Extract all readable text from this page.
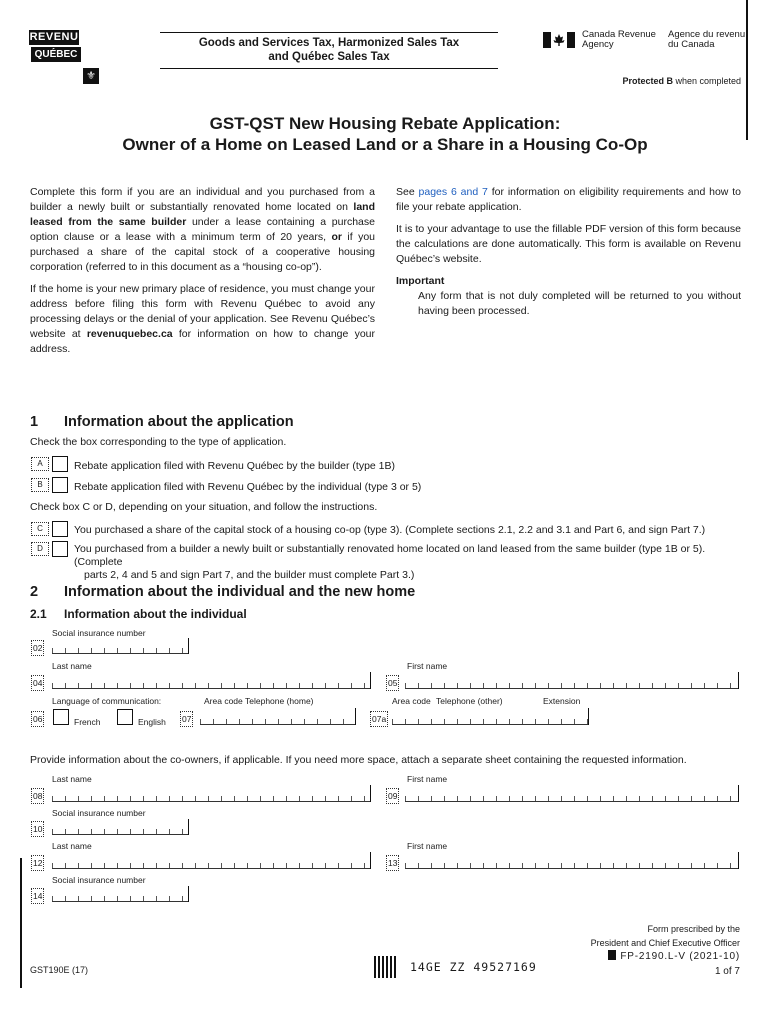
REVENU
QUÉBEC
⚜
Goods and Services Tax, Harmonized Sales Tax
and Québec Sales Tax
Canada Revenue
Agency
Agence du revenu
du Canada
Protected B when completed
GST-QST New Housing Rebate Application:
Owner of a Home on Leased Land or a Share in a Housing Co-Op

Complete this form if you are an individual and you purchased from a builder a newly built or substantially renovated home located on land leased from the same builder under a lease containing a purchase option clause or a lease with a minimum term of 20 years, or if you purchased a share of the capital stock of a cooperative housing corporation (referred to in this document as a “housing co-op”).

If the home is your new primary place of residence, you must change your address before filing this form with Revenu Québec to avoid any processing delays or the denial of your application. See Revenu Québec’s website at revenuquebec.ca for information on how to change your address.

See pages 6 and 7 for information on eligibility requirements and how to file your rebate application.

It is to your advantage to use the fillable PDF version of this form because the calculations are done automatically. This form is available on Revenu Québec’s website.

Important
Any form that is not duly completed will be returned to you without having been processed.
1 Information about the application
Check the box corresponding to the type of application.
A	Rebate application filed with Revenu Québec by the builder (type 1B)
B	Rebate application filed with Revenu Québec by the individual (type 3 or 5)
Check box C or D, depending on your situation, and follow the instructions.
C	You purchased a share of the capital stock of a housing co-op (type 3). (Complete sections 2.1, 2.2 and 3.1 and Part 6, and sign Part 7.)
D	You purchased from a builder a newly built or substantially renovated home located on land leased from the same builder (type 1B or 5). (Complete
parts 2, 4 and 5 and sign Part 7, and the builder must complete Part 3.)
2 Information about the individual and the new home
2.1 Information about the individual
Social insurance number
02
Last name	First name
04	05
Language of communication:	Area code Telephone (home)	Area code Telephone (other)	Extension
06	French	English 07	07a
Provide information about the co-owners, if applicable. If you need more space, attach a separate sheet containing the requested information.
Last name	First name
08	09
Social insurance number
10
Last name	First name
12	13
Social insurance number
14
GST190E (17)	14GE ZZ 49527169
Form prescribed by the
President and Chief Executive Officer
FP-2190.L-V (2021-10)
1 of 7
